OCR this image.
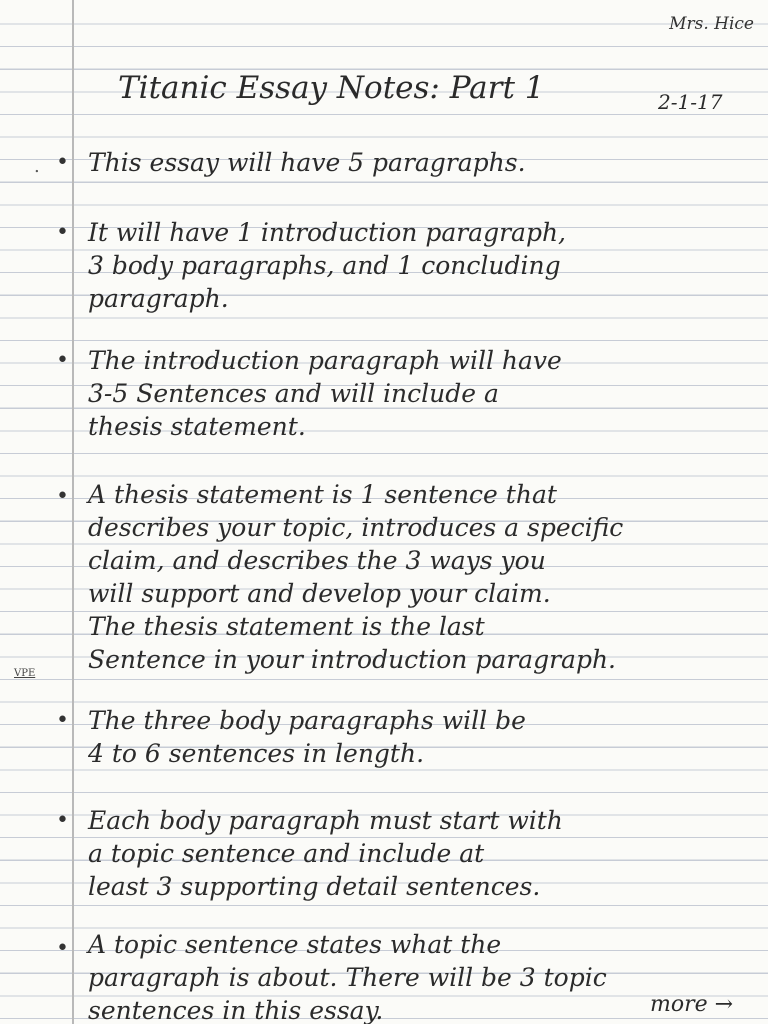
Mrs. Hice
Titanic Essay Notes: Part 1	2-1-17
. • This essay will have 5 paragraphs.
• It will have 1 introduction paragraph,
3 body paragraphs, and 1 concluding
paragraph.
• The introduction paragraph will have
3-5 Sentences and will include a
thesis statement.
• A thesis statement is 1 sentence that
describes your topic, introduces a specific
claim, and describes the 3 ways you
will support and develop your claim.
The thesis statement is the last
Sentence in your introduction paragraph.
VPE
• The three body paragraphs will be
4 to 6 sentences in length.
• Each body paragraph must start with
a topic sentence and include at
least 3 supporting detail sentences.
• A topic sentence states what the
paragraph is about. There will be 3 topic
sentences in this essay.	more →
